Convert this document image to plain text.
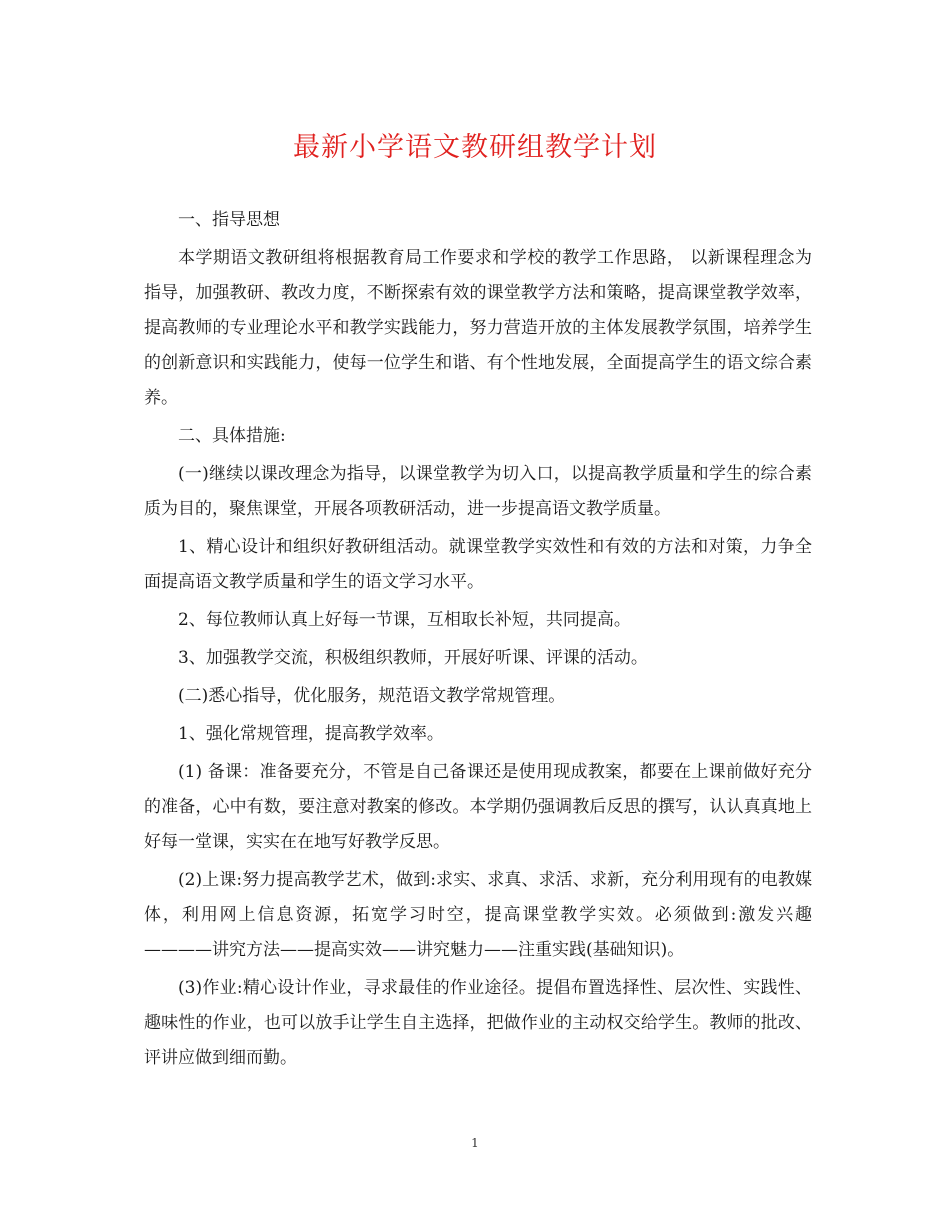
最新小学语文教研组教学计划

一、指导思想

本学期语文教研组将根据教育局工作要求和学校的教学工作思路， 以新课程理念为指导，加强教研、教改力度，不断探索有效的课堂教学方法和策略，提高课堂教学效率，提高教师的专业理论水平和教学实践能力，努力营造开放的主体发展教学氛围，培养学生的创新意识和实践能力，使每一位学生和谐、有个性地发展，全面提高学生的语文综合素养。

二、具体措施:

(一)继续以课改理念为指导，以课堂教学为切入口，以提高教学质量和学生的综合素质为目的，聚焦课堂，开展各项教研活动，进一步提高语文教学质量。

1、精心设计和组织好教研组活动。就课堂教学实效性和有效的方法和对策，力争全面提高语文教学质量和学生的语文学习水平。

2、每位教师认真上好每一节课，互相取长补短，共同提高。

3、加强教学交流，积极组织教师，开展好听课、评课的活动。

(二)悉心指导，优化服务，规范语文教学常规管理。

1、强化常规管理，提高教学效率。

(1) 备课：准备要充分，不管是自己备课还是使用现成教案，都要在上课前做好充分的准备，心中有数，要注意对教案的修改。本学期仍强调教后反思的撰写，认认真真地上好每一堂课，实实在在地写好教学反思。

(2)上课:努力提高教学艺术，做到:求实、求真、求活、求新，充分利用现有的电教媒体，利用网上信息资源，拓宽学习时空，提高课堂教学实效。必须做到:激发兴趣————讲究方法——提高实效——讲究魅力——注重实践(基础知识)。

(3)作业:精心设计作业，寻求最佳的作业途径。提倡布置选择性、层次性、实践性、趣味性的作业，也可以放手让学生自主选择，把做作业的主动权交给学生。教师的批改、评讲应做到细而勤。

1
